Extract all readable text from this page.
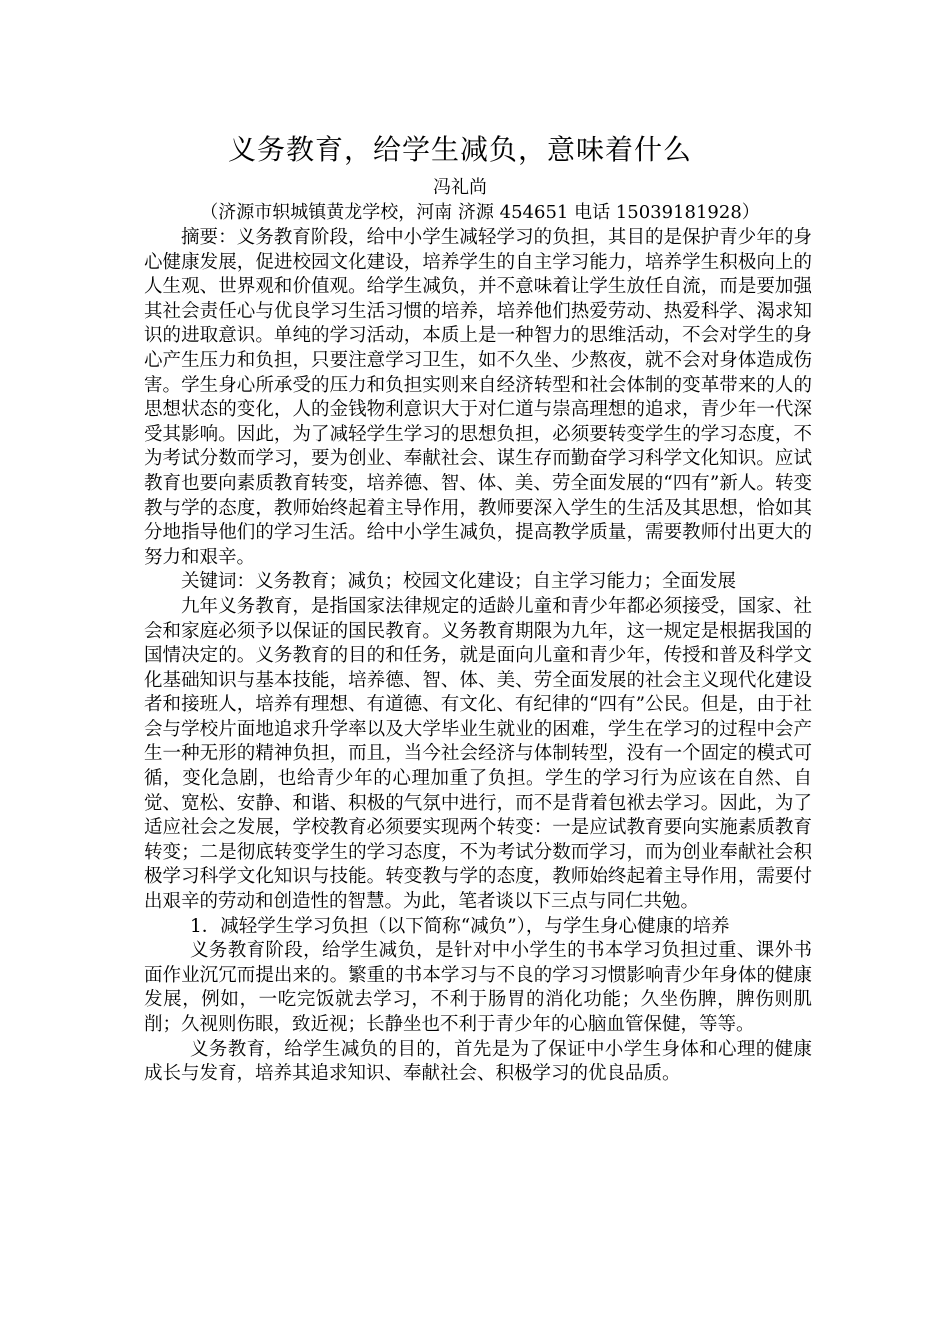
义务教育，给学生减负，意味着什么
冯礼尚
（济源市轵城镇黄龙学校，河南 济源 454651 电话 15039181928）

摘要：义务教育阶段，给中小学生减轻学习的负担，其目的是保护青少年的身心健康发展，促进校园文化建设，培养学生的自主学习能力，培养学生积极向上的人生观、世界观和价值观。给学生减负，并不意味着让学生放任自流，而是要加强其社会责任心与优良学习生活习惯的培养，培养他们热爱劳动、热爱科学、渴求知识的进取意识。单纯的学习活动，本质上是一种智力的思维活动，不会对学生的身心产生压力和负担，只要注意学习卫生，如不久坐、少熬夜，就不会对身体造成伤害。学生身心所承受的压力和负担实则来自经济转型和社会体制的变革带来的人的思想状态的变化，人的金钱物利意识大于对仁道与崇高理想的追求，青少年一代深受其影响。因此，为了减轻学生学习的思想负担，必须要转变学生的学习态度，不为考试分数而学习，要为创业、奉献社会、谋生存而勤奋学习科学文化知识。应试教育也要向素质教育转变，培养德、智、体、美、劳全面发展的“四有”新人。转变教与学的态度，教师始终起着主导作用，教师要深入学生的生活及其思想，恰如其分地指导他们的学习生活。给中小学生减负，提高教学质量，需要教师付出更大的努力和艰辛。

关键词：义务教育；减负；校园文化建设；自主学习能力；全面发展

九年义务教育，是指国家法律规定的适龄儿童和青少年都必须接受，国家、社会和家庭必须予以保证的国民教育。义务教育期限为九年，这一规定是根据我国的国情决定的。义务教育的目的和任务，就是面向儿童和青少年，传授和普及科学文化基础知识与基本技能，培养德、智、体、美、劳全面发展的社会主义现代化建设者和接班人，培养有理想、有道德、有文化、有纪律的“四有”公民。但是，由于社会与学校片面地追求升学率以及大学毕业生就业的困难，学生在学习的过程中会产生一种无形的精神负担，而且，当今社会经济与体制转型，没有一个固定的模式可循，变化急剧，也给青少年的心理加重了负担。学生的学习行为应该在自然、自觉、宽松、安静、和谐、积极的气氛中进行，而不是背着包袱去学习。因此，为了适应社会之发展，学校教育必须要实现两个转变：一是应试教育要向实施素质教育转变；二是彻底转变学生的学习态度，不为考试分数而学习，而为创业奉献社会积极学习科学文化知识与技能。转变教与学的态度，教师始终起着主导作用，需要付出艰辛的劳动和创造性的智慧。为此，笔者谈以下三点与同仁共勉。

1．减轻学生学习负担（以下简称“减负”），与学生身心健康的培养

义务教育阶段，给学生减负，是针对中小学生的书本学习负担过重、课外书面作业沉冗而提出来的。繁重的书本学习与不良的学习习惯影响青少年身体的健康发展，例如，一吃完饭就去学习，不利于肠胃的消化功能；久坐伤脾，脾伤则肌削；久视则伤眼，致近视；长静坐也不利于青少年的心脑血管保健，等等。

义务教育，给学生减负的目的，首先是为了保证中小学生身体和心理的健康成长与发育，培养其追求知识、奉献社会、积极学习的优良品质。
